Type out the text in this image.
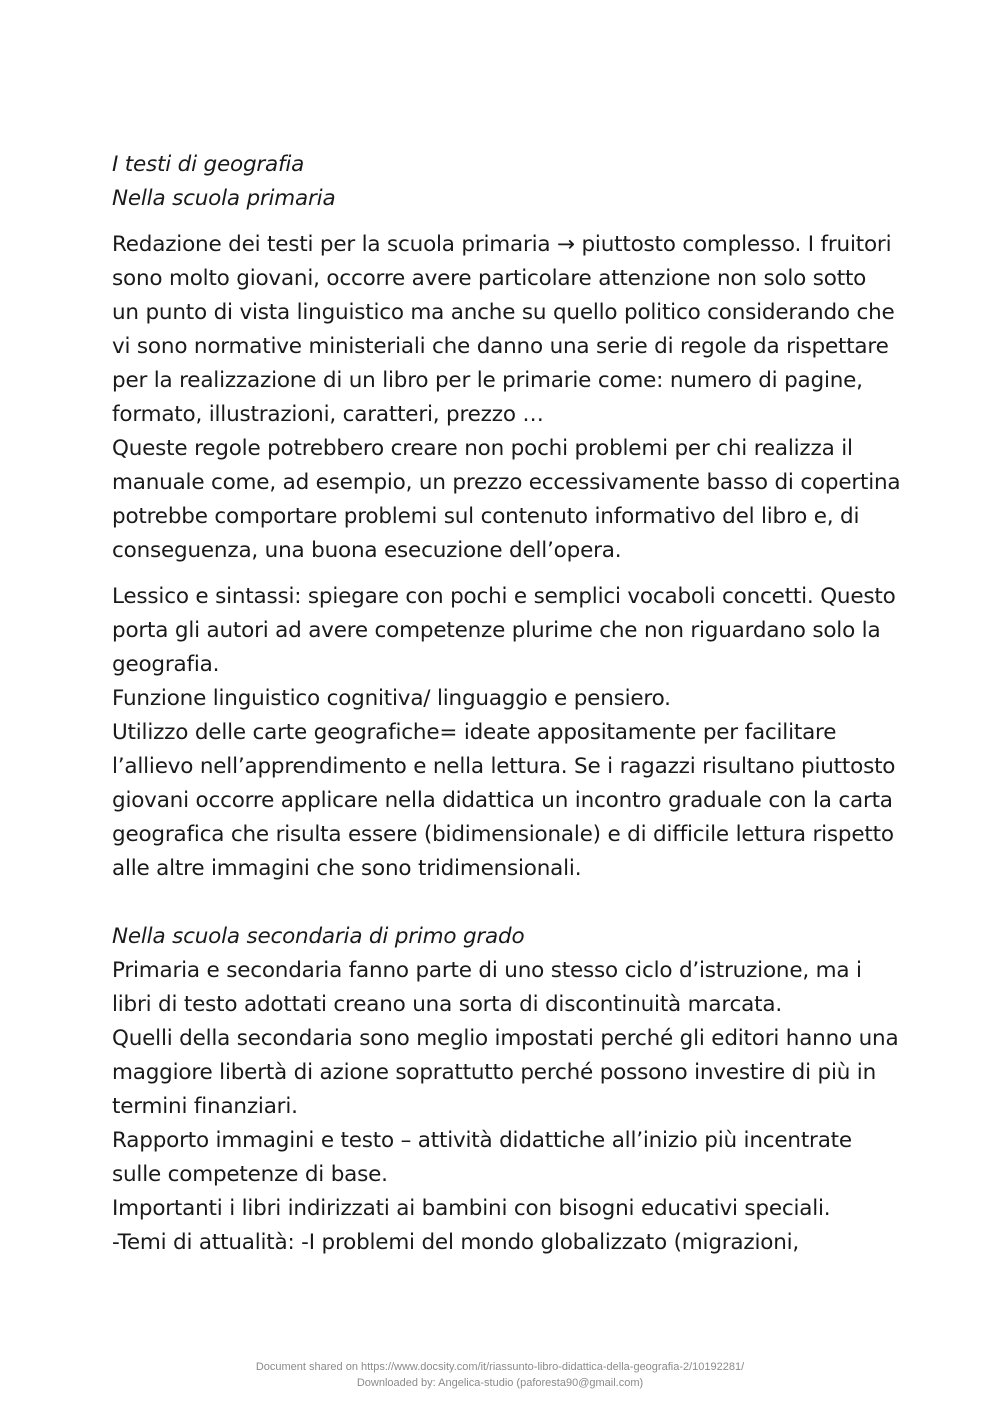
I testi di geografia
Nella scuola primaria
Redazione dei testi per la scuola primaria → piuttosto complesso. I fruitori
sono molto giovani, occorre avere particolare attenzione non solo sotto
un punto di vista linguistico ma anche su quello politico considerando che
vi sono normative ministeriali che danno una serie di regole da rispettare
per la realizzazione di un libro per le primarie come: numero di pagine,
formato, illustrazioni, caratteri, prezzo …
Queste regole potrebbero creare non pochi problemi per chi realizza il
manuale come, ad esempio, un prezzo eccessivamente basso di copertina
potrebbe comportare problemi sul contenuto informativo del libro e, di
conseguenza, una buona esecuzione dell’opera.
Lessico e sintassi: spiegare con pochi e semplici vocaboli concetti. Questo
porta gli autori ad avere competenze plurime che non riguardano solo la
geografia.
Funzione linguistico cognitiva/ linguaggio e pensiero.
Utilizzo delle carte geografiche= ideate appositamente per facilitare
l’allievo nell’apprendimento e nella lettura. Se i ragazzi risultano piuttosto
giovani occorre applicare nella didattica un incontro graduale con la carta
geografica che risulta essere (bidimensionale) e di difficile lettura rispetto
alle altre immagini che sono tridimensionali.
Nella scuola secondaria di primo grado
Primaria e secondaria fanno parte di uno stesso ciclo d’istruzione, ma i
libri di testo adottati creano una sorta di discontinuità marcata.
Quelli della secondaria sono meglio impostati perché gli editori hanno una
maggiore libertà di azione soprattutto perché possono investire di più in
termini finanziari.
Rapporto immagini e testo – attività didattiche all’inizio più incentrate
sulle competenze di base.
Importanti i libri indirizzati ai bambini con bisogni educativi speciali.
-Temi di attualità: -I problemi del mondo globalizzato (migrazioni,
Document shared on https://www.docsity.com/it/riassunto-libro-didattica-della-geografia-2/10192281/
Downloaded by: Angelica-studio (paforesta90@gmail.com)
